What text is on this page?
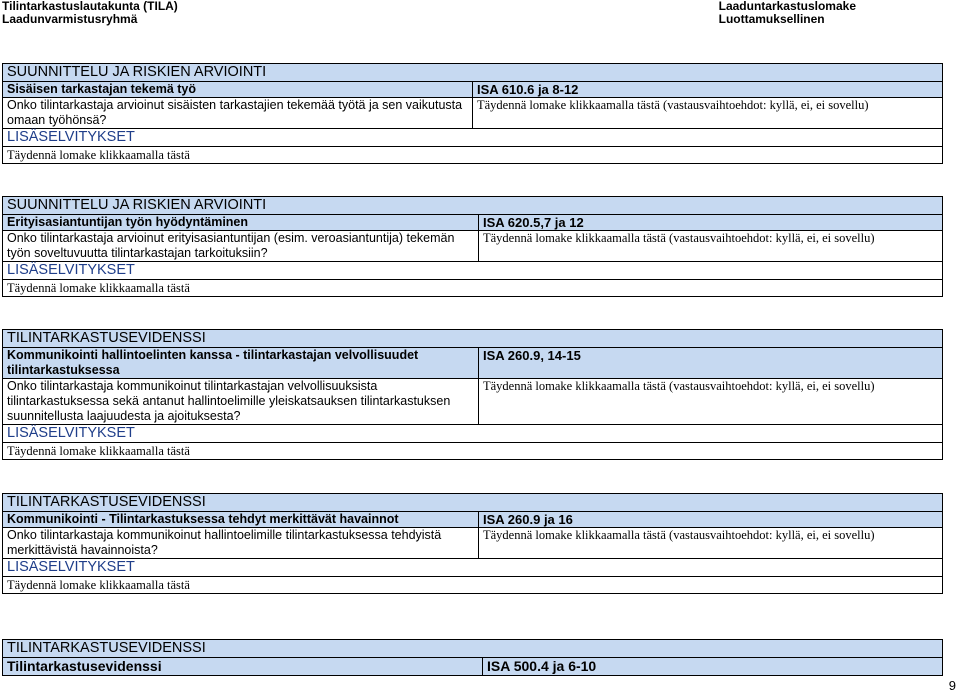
Tilintarkastuslautakunta (TILA)
Laadunvarmistusryhmä
Laaduntarkastuslomake
Luottamuksellinen
SUUNNITTELU JA RISKIEN ARVIOINTI	
Sisäisen tarkastajan tekemä työ	ISA 610.6 ja 8-12
Onko tilintarkastaja arvioinut sisäisten tarkastajien tekemää työtä ja sen vaikutusta omaan työhönsä?	Täydennä lomake klikkaamalla tästä (vastausvaihtoehdot: kyllä, ei, ei sovellu)
LISÄSELVITYKSET	
Täydennä lomake klikkaamalla tästä	
SUUNNITTELU JA RISKIEN ARVIOINTI	
Erityisasiantuntijan työn hyödyntäminen	ISA 620.5,7 ja 12
Onko tilintarkastaja arvioinut erityisasiantuntijan (esim. veroasiantuntija) tekemän työn soveltuvuutta tilintarkastajan tarkoituksiin?	Täydennä lomake klikkaamalla tästä (vastausvaihtoehdot: kyllä, ei, ei sovellu)
LISÄSELVITYKSET	
Täydennä lomake klikkaamalla tästä	
TILINTARKASTUSEVIDENSSI	
Kommunikointi hallintoelinten kanssa - tilintarkastajan velvollisuudet tilintarkastuksessa	ISA 260.9, 14-15
Onko tilintarkastaja kommunikoinut tilintarkastajan velvollisuuksista tilintarkastuksessa sekä antanut hallintoelimille yleiskatsauksen tilintarkastuksen suunnitellusta laajuudesta ja ajoituksesta?	Täydennä lomake klikkaamalla tästä (vastausvaihtoehdot: kyllä, ei, ei sovellu)
LISÄSELVITYKSET	
Täydennä lomake klikkaamalla tästä	
TILINTARKASTUSEVIDENSSI	
Kommunikointi - Tilintarkastuksessa tehdyt merkittävät havainnot	ISA 260.9 ja 16
Onko tilintarkastaja kommunikoinut hallintoelimille tilintarkastuksessa tehdyistä merkittävistä havainnoista?	Täydennä lomake klikkaamalla tästä (vastausvaihtoehdot: kyllä, ei, ei sovellu)
LISÄSELVITYKSET	
Täydennä lomake klikkaamalla tästä	
TILINTARKASTUSEVIDENSSI
Tilintarkastusevidenssi	ISA 500.4 ja 6-10
9
